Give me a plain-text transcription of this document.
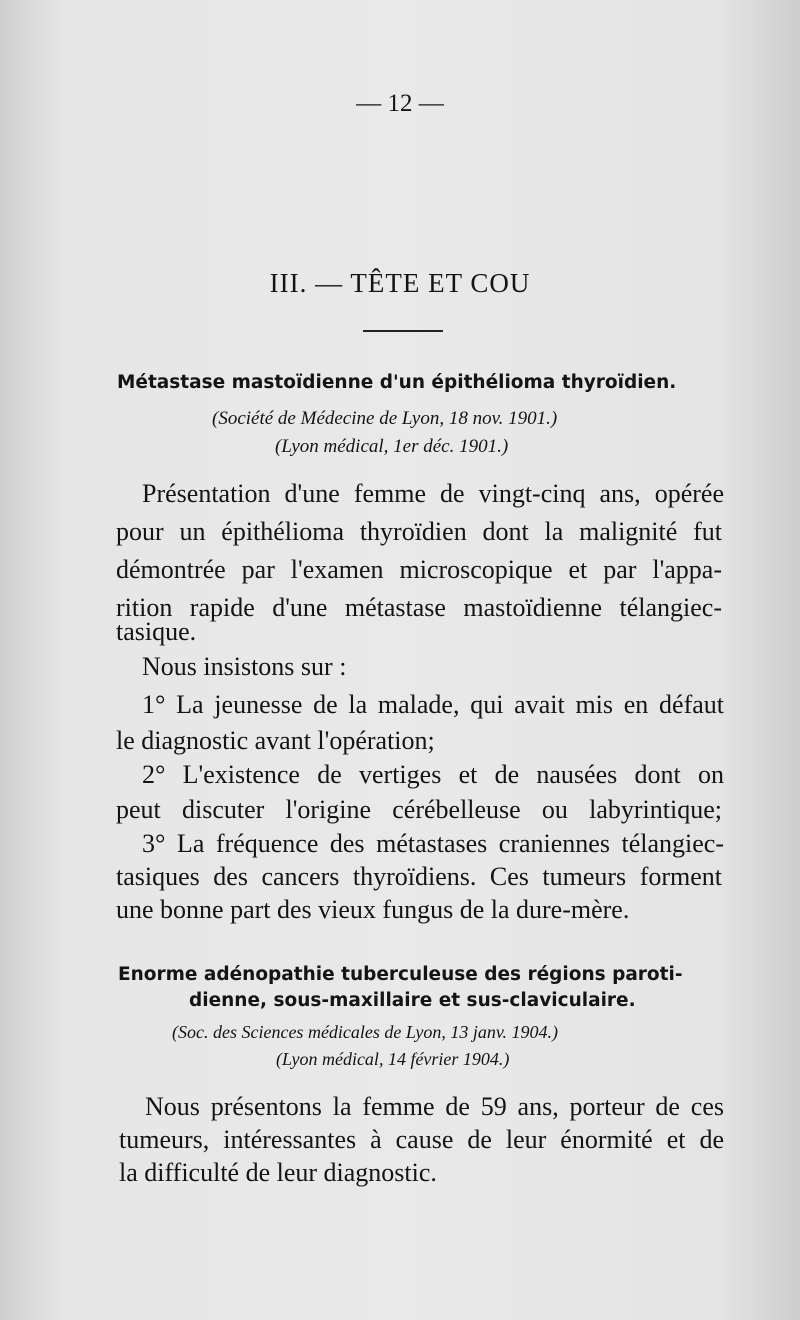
— 12 —

III. — TÊTE ET COU

Métastase mastoïdienne d'un épithélioma thyroïdien.

(Société de Médecine de Lyon, 18 nov. 1901.)

(Lyon médical, 1er déc. 1901.)

Présentation d'une femme de vingt-cinq ans, opérée

pour un épithélioma thyroïdien dont la malignité fut

démontrée par l'examen microscopique et par l'appa-

rition rapide d'une métastase mastoïdienne télangiec-

tasique.

Nous insistons sur :

1° La jeunesse de la malade, qui avait mis en défaut

le diagnostic avant l'opération;

2° L'existence de vertiges et de nausées dont on

peut discuter l'origine cérébelleuse ou labyrintique;

3° La fréquence des métastases craniennes télangiec-

tasiques des cancers thyroïdiens. Ces tumeurs forment

une bonne part des vieux fungus de la dure-mère.

Enorme adénopathie tuberculeuse des régions paroti-

dienne, sous-maxillaire et sus-claviculaire.

(Soc. des Sciences médicales de Lyon, 13 janv. 1904.)

(Lyon médical, 14 février 1904.)

Nous présentons la femme de 59 ans, porteur de ces

tumeurs, intéressantes à cause de leur énormité et de

la difficulté de leur diagnostic.
